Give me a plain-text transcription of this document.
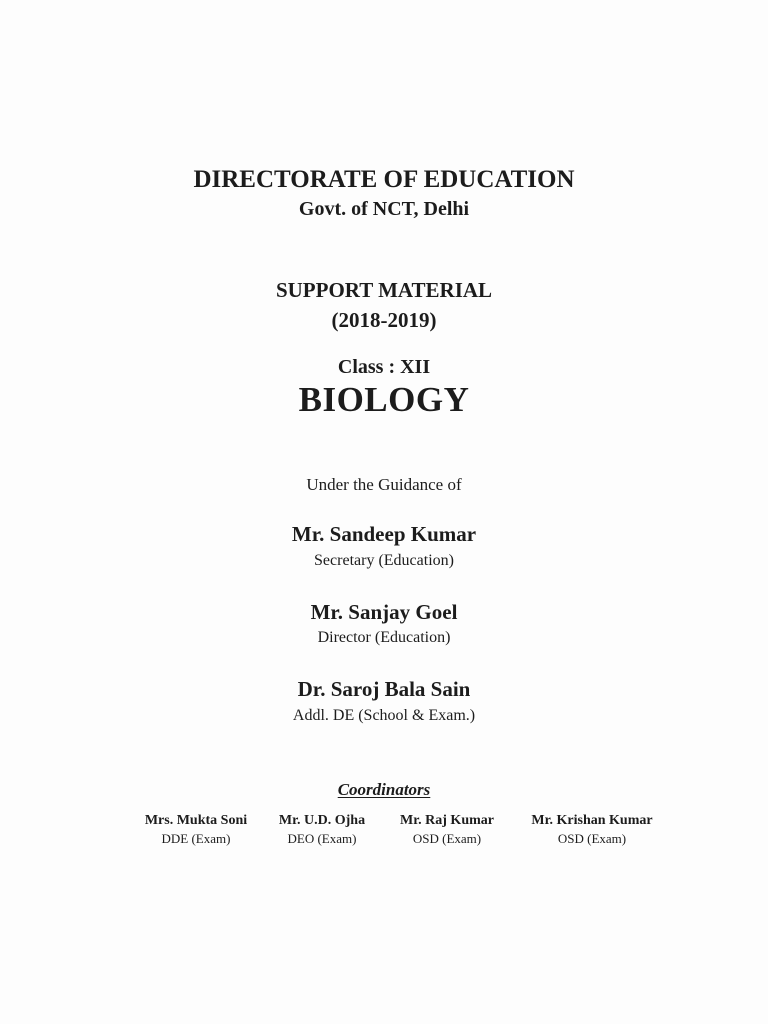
DIRECTORATE OF EDUCATION
Govt. of NCT, Delhi
SUPPORT MATERIAL
(2018-2019)
Class : XII
BIOLOGY
Under the Guidance of
Mr. Sandeep Kumar
Secretary (Education)
Mr. Sanjay Goel
Director (Education)
Dr. Saroj Bala Sain
Addl. DE (School & Exam.)
Coordinators
Mrs. Mukta Soni
DDE (Exam)
Mr. U.D. Ojha
DEO (Exam)
Mr. Raj Kumar
OSD (Exam)
Mr. Krishan Kumar
OSD (Exam)
